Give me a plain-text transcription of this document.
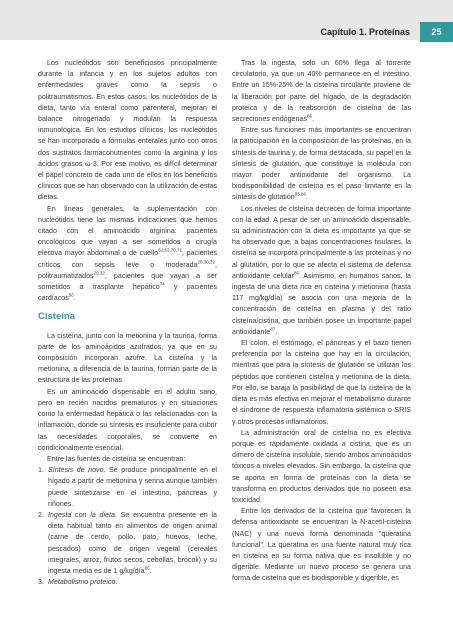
Capítulo 1. Proteínas	25

Los nucleótidos son beneficiosos principalmente durante la infancia y en los sujetos adultos con enfermedades graves como la sepsis o politraumatismos. En estos casos, los nucleótidos de la dieta, tanto vía enteral como parenteral, mejoran el balance nitrogenado y modulan la respuesta inmunológica. En los estudios clínicos, los nucleótidos se han incorporado a fórmulas enterales junto con otros dos sustratos farmaconutrientes como la arginina y los ácidos grasos ω-3. Por ese motivo, es difícil determinar el papel concreto de cada uno de ellos en los beneficios clínicos que se han observado con la utilización de estas dietas.

En líneas generales, la suplementación con nucleótidos tiene las mismas indicaciones que hemos citado con el aminoácido arginina: pacientes oncológicos que vayan a ser sometidos a cirugía electiva mayor abdominal o de cuello$^{62,63,70,71}$, pacientes críticos con sepsis leve o moderada$^{28,30,32}$, politraumatizados$^{29,32}$, pacientes que vayan a ser sometidos a trasplante hepático$^{74}$ y pacientes cardíacos$^{56}$.

Cisteína

La cisteína, junto con la metionina y la taurina, forma parte de los aminoácidos azufrados, ya que en su composición incorporan azufre. La cisteína y la metionina, a diferencia de la taurina, forman parte de la estructura de las proteínas.

Es un aminoácido dispensable en el adulto sano, pero en recién nacidos prematuros y en situaciones como la enfermedad hepática o las relacionadas con la inflamación, donde su síntesis es insuficiente para cubrir las necesidades corporales, se convierte en condicionalmente esencial.

Entre las fuentes de cisteína se encuentran:

1. Síntesis de novo. Se produce principalmente en el hígado a partir de metionina y serina aunque también puede sintetizarse en el intestino, páncreas y riñones.
2. Ingesta con la dieta. Se encuentra presente en la dieta habitual tanto en alimentos de origen animal (carne de cerdo, pollo, pato, huevos, leche, pescados) como de origen vegetal (cereales integrales, arroz, frutos secos, cebollas, brócoli) y su ingesta media es de 1 g/kg/día$^{86}$.
3. Metabolismo proteico.

Tras la ingesta, solo un 60% llega al torrente circulatorio, ya que un 40% permanece en el intestino. Entre un 15%-25% de la cisteína circulante proviene de la liberación por parte del hígado, de la degradación proteica y de la reabsorción de cisteína de las secreciones endógenas$^{86}$.

Entre sus funciones más importantes se encuentran la participación en la composición de las proteínas, en la síntesis de taurina y, de forma destacada, su papel en la síntesis de glutatión, que constituye la molécula con mayor poder antioxidante del organismo. La biodisponibilidad de cisteína es el paso limitante en la síntesis de glutatión$^{85,86}$.

Los niveles de cisteína decrecen de forma importante con la edad. A pesar de ser un aminoácido dispensable, su administración con la dieta es importante ya que se ha observado que, a bajas concentraciones tisulares, la cisteína se incorpora principalmente a las proteínas y no al glutatión, por lo que se afecta el sistema de defensa antioxidante celular$^{86}$. Asimismo, en humanos sanos, la ingesta de una dieta rica en cisteína y metionina (hasta 117 mg/kg/día) se asocia con una mejoría de la concentración de cisteína en plasma y del ratio cisteína/cistina, que también posee un importante papel antioxidante$^{87}$.

El colon, el estómago, el páncreas y el bazo tienen preferencia por la cisteína que hay en la circulación, mientras que para la síntesis de glutatión se utilizan los péptidos que contienen cisteína y metionina de la dieta. Por ello, se baraja la posibilidad de que la cisteína de la dieta es más efectiva en mejorar el metabolismo durante el síndrome de respuesta inflamatoria sistémica o SRIS y otros procesos inflamatorios.

La administración oral de cisteína no es efectiva porque es rápidamente oxidada a cistina, que es un dímero de cisteína insoluble, siendo ambos aminoácidos tóxicos a niveles elevados. Sin embargo, la cisteína que se aporta en forma de proteínas con la dieta se transforma en productos derivados que no poseen esa toxicidad.

Entre los derivados de la cisteína que favorecen la defensa antioxidante se encuentran la N-acetil-cisteína (NAC) y una nueva forma denominada "queratina funcional". La queratina es una fuente natural muy rica en cisteína en su forma nativa que es insoluble y no digerible. Mediante un nuevo proceso se genera una forma de cisteína que es biodisponible y digerible, es
